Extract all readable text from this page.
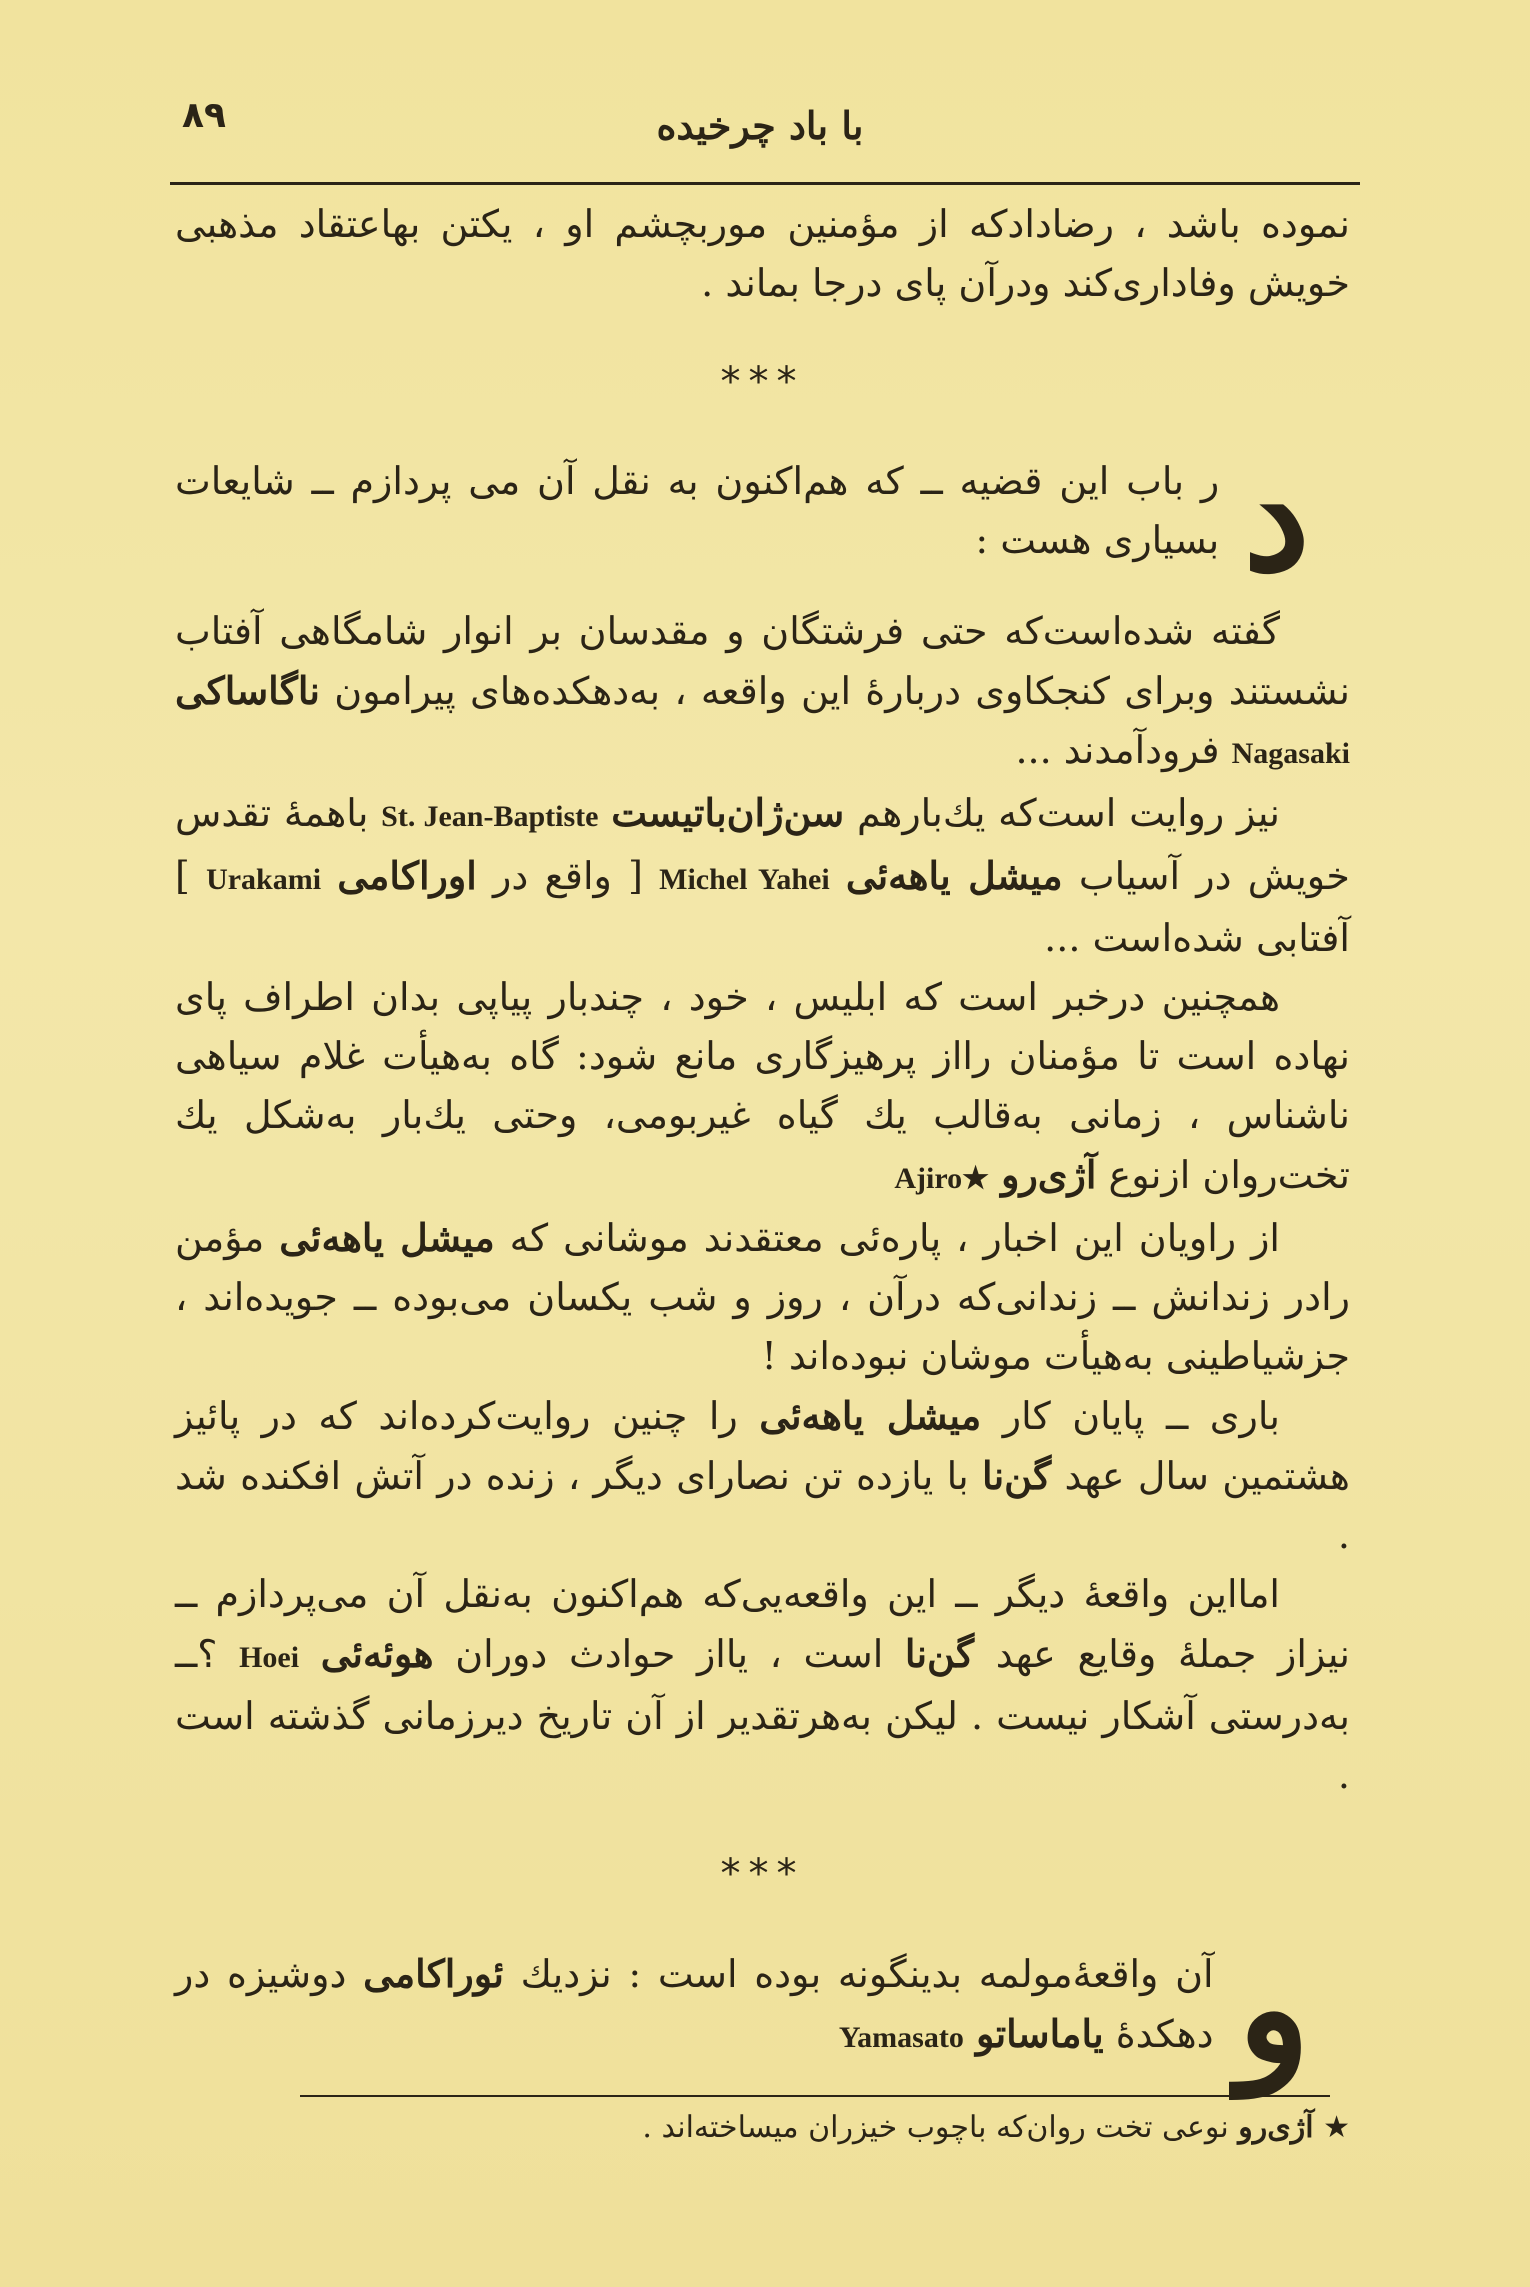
۸۹	با باد چرخیده

نموده باشد ، رضادادکه از مؤمنین موربچشم او ، یكتن بهاعتقاد مذهبی خویش وفاداری‌کند ودرآن پای درجا بماند .

***
د
ر باب این قضیه ــ که هم‌اکنون به نقل آن می پردازم ــ شایعات بسیاری هست :

گفته شده‌است‌که حتی فرشتگان و مقدسان بر انوار شامگاهی آفتاب نشستند وبرای کنجکاوی دربارهٔ این واقعه ، به‌دهکده‌های پیرامون ناگاساکی Nagasaki فرودآمدند ...

نیز روایت است‌که یك‌بارهم سن‌ژان‌باتیست St. Jean-Baptiste باهمهٔ تقدس خویش در آسیاب میشل یاهه‌ئی Michel Yahei [ واقع در اوراکامی Urakami ] آفتابی شده‌است ...

همچنین درخبر است که ابلیس ، خود ، چندبار پیاپی بدان اطراف پای نهاده است تا مؤمنان رااز پرهیزگاری مانع شود: گاه به‌هیأت غلام سیاهی ناشناس ، زمانی به‌قالب یك گیاه غیربومی، وحتی یك‌بار به‌شکل یك تخت‌روان ازنوع آژی‌رو Ajiro★

از راویان این اخبار ، پاره‌ئی معتقدند موشانی که میشل یاهه‌ئی مؤمن رادر زندانش ــ زندانی‌که درآن ، روز و شب یکسان می‌بوده ــ جویده‌اند ، جزشیاطینی به‌هیأت موشان نبوده‌اند !

باری ــ پایان کار میشل یاهه‌ئی را چنین روایت‌کرده‌اند که در پائیز هشتمین سال عهد گن‌نا با یازده تن نصارای دیگر ، زنده در آتش افکنده شد .

امااین واقعهٔ دیگر ــ این واقعه‌یی‌که هم‌اکنون به‌نقل آن می‌پردازم ــ نیزاز جملهٔ وقایع عهد گن‌نا است ، یااز حوادث دوران هوئه‌ئی Hoei ؟ــ به‌درستی آشکار نیست . لیکن به‌هرتقدیر از آن تاریخ دیرزمانی گذشته است .

***
و
آن واقعهٔ‌مولمه بدینگونه بوده است : نزدیك ئوراکامی دوشیزه در دهکدهٔ یاماساتو Yamasato
★ آژی‌رو نوعی تخت روان‌که باچوب خیزران میساخته‌اند .
